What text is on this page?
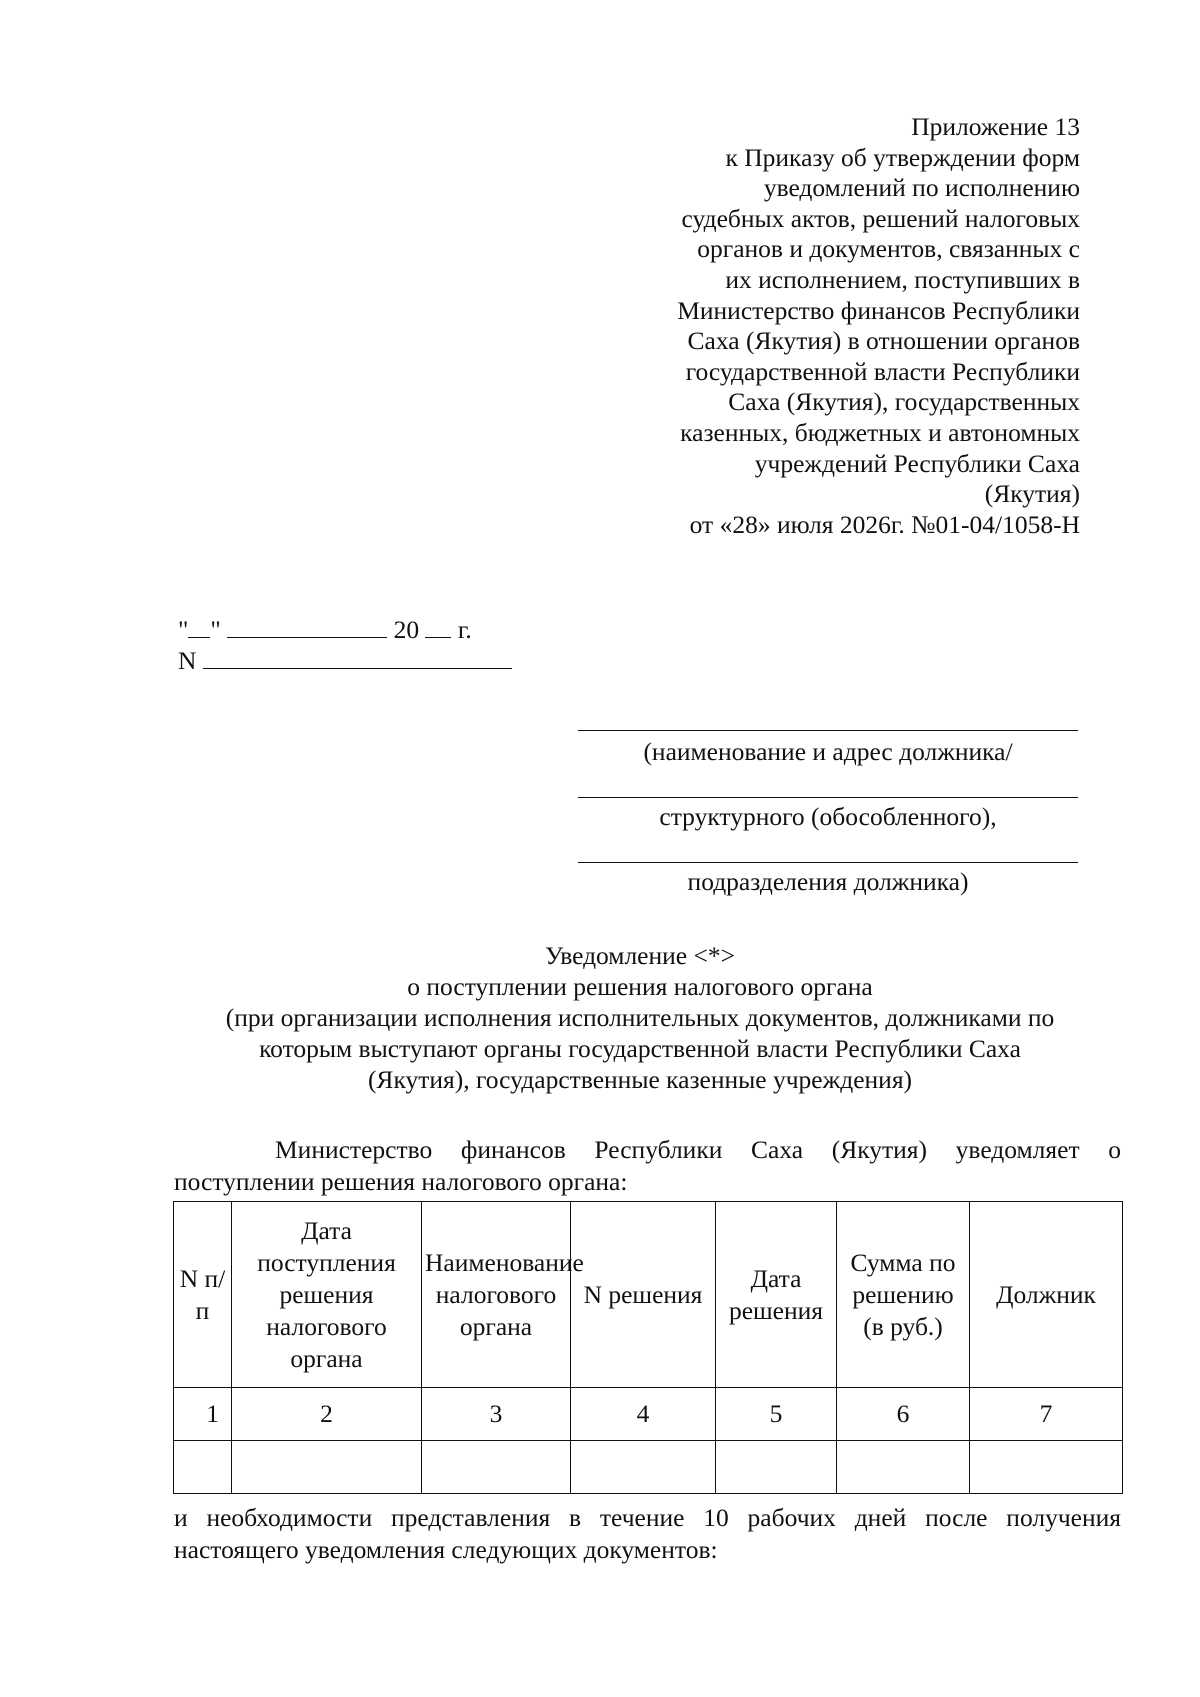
Приложение 13
к Приказу об утверждении форм
уведомлений по исполнению
судебных актов, решений налоговых
органов и документов, связанных с
их исполнением, поступивших в
Министерство финансов Республики
Саха (Якутия) в отношении органов
государственной власти Республики
Саха (Якутия), государственных
казенных, бюджетных и автономных
учреждений Республики Саха
(Якутия)
от «28» июля 2026г. №01-04/1058-Н
" "	20 г.
N
(наименование и адрес должника/
структурного (обособленного),
подразделения должника)
Уведомление <*>
о поступлении решения налогового органа
(при организации исполнения исполнительных документов, должниками по
которым выступают органы государственной власти Республики Саха
(Якутия), государственные казенные учреждения)
Министерство финансов Республики Саха (Якутия) уведомляет о
поступлении решения налогового органа:
N п/п	Дата поступления решения налогового органа	Наименование налогового органа	N решения	Дата решения	Сумма по решению (в руб.)	Должник
1	2	3	4	5	6	7

и необходимости представления в течение 10 рабочих дней после получения
настоящего уведомления следующих документов:
